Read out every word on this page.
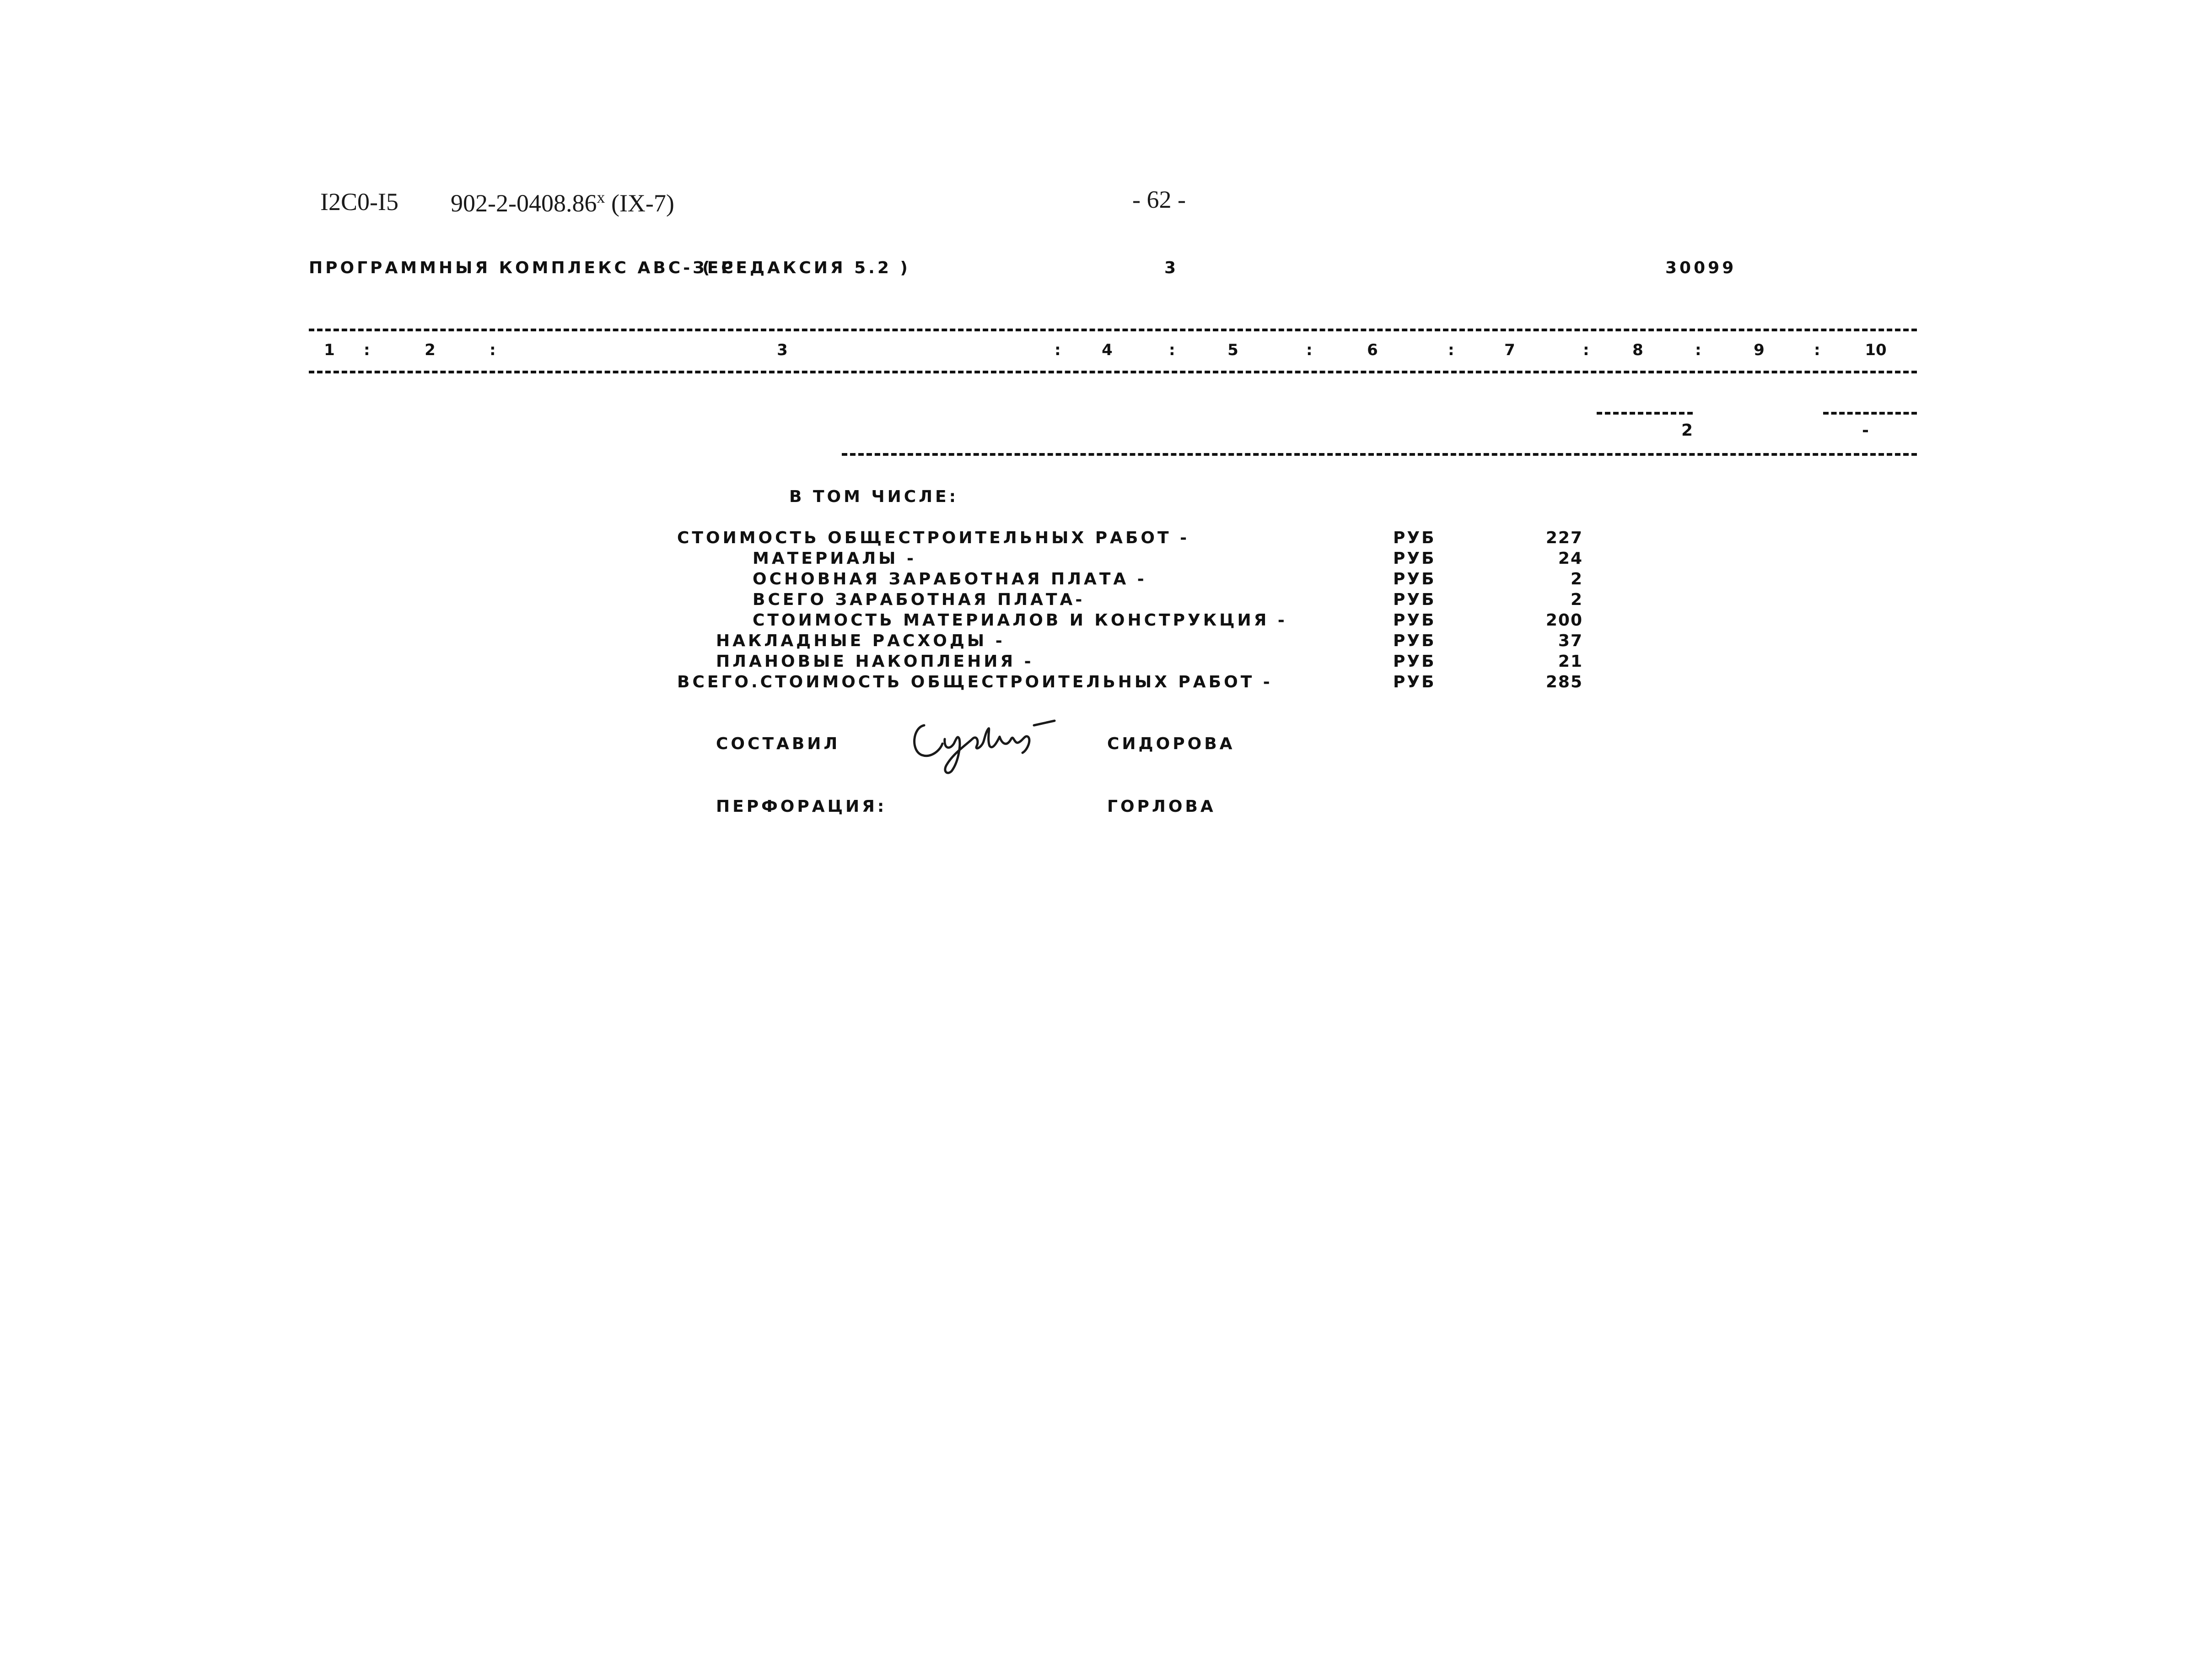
I2C0-I5 902-2-0408.86$^x$ (IX-7)	- 62 -
ПРОГРАММНЫЯ КОМПЛЕКС АВС-ЗЕС
( РЕДАКСИЯ 5.2 )	3	30099
1	:	2	:	3	:	4	:	5	:	6	:	7	:	8	:	9	:	10
2	-
В ТОМ ЧИСЛЕ:
СТОИМОСТЬ ОБЩЕСТРОИТЕЛЬНЫХ РАБОТ -	РУБ	227
МАТЕРИАЛЫ -	РУБ	24
ОСНОВНАЯ ЗАРАБОТНАЯ ПЛАТА -	РУБ	2
ВСЕГО ЗАРАБОТНАЯ ПЛАТА-	РУБ	2
СТОИМОСТЬ МАТЕРИАЛОВ И КОНСТРУКЦИЯ -	РУБ	200
НАКЛАДНЫЕ РАСХОДЫ -	РУБ	37
ПЛАНОВЫЕ НАКОПЛЕНИЯ -	РУБ	21
ВСЕГО.СТОИМОСТЬ ОБЩЕСТРОИТЕЛЬНЫХ РАБОТ -	РУБ	285
СОСТАВИЛ	СИДОРОВА
ПЕРФОРАЦИЯ:	ГОРЛОВА
